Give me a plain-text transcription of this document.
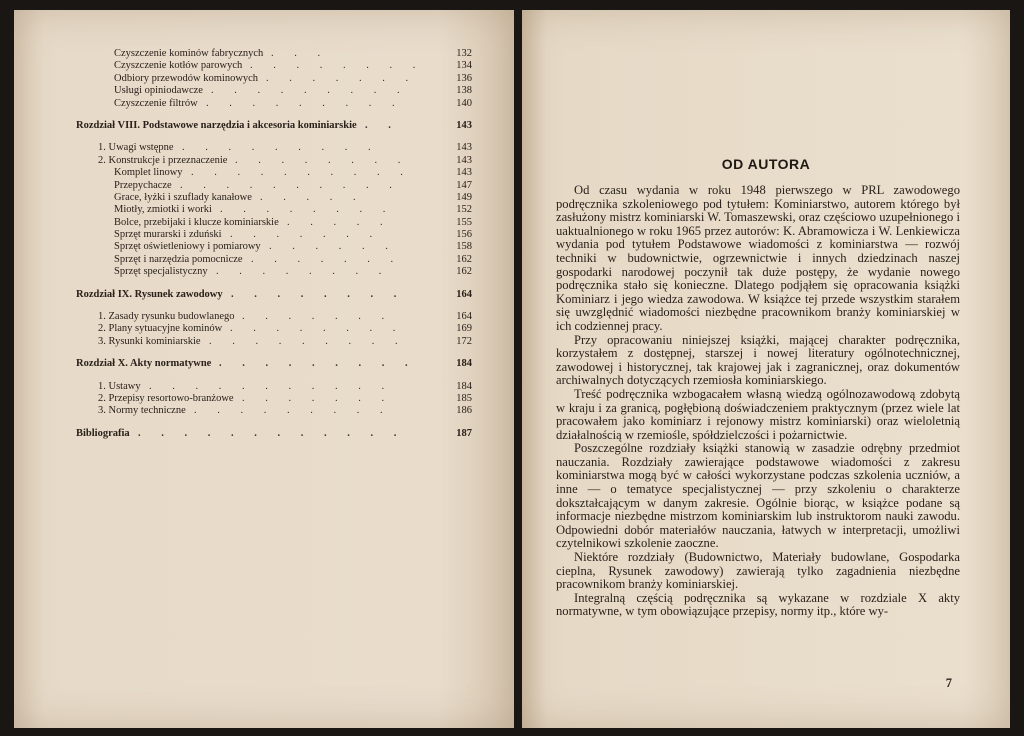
Czyszczenie kominów fabrycznych . . .	132
Czyszczenie kotłów parowych . . . . . . . .	134
Odbiory przewodów kominowych . . . . . . .	136
Usługi opiniodawcze . . . . . . . . .	138
Czyszczenie filtrów . . . . . . . . .	140
Rozdział VIII. Podstawowe narzędzia i akcesoria kominiarskie . .	143
1. Uwagi wstępne . . . . . . . . .	143
2. Konstrukcje i przeznaczenie . . . . . . . .	143
Komplet linowy . . . . . . . . . .	143
Przepychacze . . . . . . . . . .	147
Grace, łyżki i szuflady kanałowe . . . . .	149
Miotły, zmiotki i worki . . . . . . . .	152
Bolce, przebijaki i klucze kominiarskie . . . . .	155
Sprzęt murarski i zduński . . . . . . .	156
Sprzęt oświetleniowy i pomiarowy . . . . . .	158
Sprzęt i narzędzia pomocnicze . . . . . . .	162
Sprzęt specjalistyczny . . . . . . . .	162
Rozdział IX. Rysunek zawodowy . . . . . . . .	164
1. Zasady rysunku budowlanego . . . . . . .	164
2. Plany sytuacyjne kominów . . . . . . . .	169
3. Rysunki kominiarskie . . . . . . . . .	172
Rozdział X. Akty normatywne . . . . . . . . .	184
1. Ustawy . . . . . . . . . . .	184
2. Przepisy resortowo-branżowe . . . . . . .	185
3. Normy techniczne . . . . . . . . .	186
Bibliografia . . . . . . . . . . . .	187
OD AUTORA

Od czasu wydania w roku 1948 pierwszego w PRL zawodowego podręcznika szkoleniowego pod tytułem: Kominiarstwo, autorem którego był zasłużony mistrz kominiarski W. Tomaszewski, oraz częściowo uzupełnionego i uaktualnionego w roku 1965 przez autorów: K. Abramowicza i W. Lenkiewicza wydania pod tytułem Podstawowe wiadomości z kominiarstwa — rozwój techniki w budownictwie, ogrzewnictwie i innych dziedzinach naszej gospodarki narodowej poczynił tak duże postępy, że wydanie nowego podręcznika stało się konieczne. Dlatego podjąłem się opracowania książki Kominiarz i jego wiedza zawodowa. W książce tej przede wszystkim starałem się uwzględnić wiadomości niezbędne pracownikom branży kominiarskiej w ich codziennej pracy.

Przy opracowaniu niniejszej książki, mającej charakter podręcznika, korzystałem z dostępnej, starszej i nowej literatury ogólnotechnicznej, zawodowej i historycznej, tak krajowej jak i zagranicznej, oraz dokumentów archiwalnych dotyczących rzemiosła kominiarskiego.

Treść podręcznika wzbogacałem własną wiedzą ogólnozawodową zdobytą w kraju i za granicą, pogłębioną doświadczeniem praktycznym (przez wiele lat pracowałem jako kominiarz i rejonowy mistrz kominiarski) oraz wieloletnią działalnością w rzemiośle, spółdzielczości i pożarnictwie.

Poszczególne rozdziały książki stanowią w zasadzie odrębny przedmiot nauczania. Rozdziały zawierające podstawowe wiadomości z zakresu kominiarstwa mogą być w całości wykorzystane podczas szkolenia uczniów, a inne — o tematyce specjalistycznej — przy szkoleniu o charakterze dokształcającym w danym zakresie. Ogólnie biorąc, w książce podane są informacje niezbędne mistrzom kominiarskim lub instruktorom nauki zawodu. Odpowiedni dobór materiałów nauczania, łatwych w interpretacji, umożliwi czytelnikowi szkolenie zaoczne.

Niektóre rozdziały (Budownictwo, Materiały budowlane, Gospodarka cieplna, Rysunek zawodowy) zawierają tylko zagadnienia niezbędne pracownikom branży kominiarskiej.

Integralną częścią podręcznika są wykazane w rozdziale X akty normatywne, w tym obowiązujące przepisy, normy itp., które wy-

7
